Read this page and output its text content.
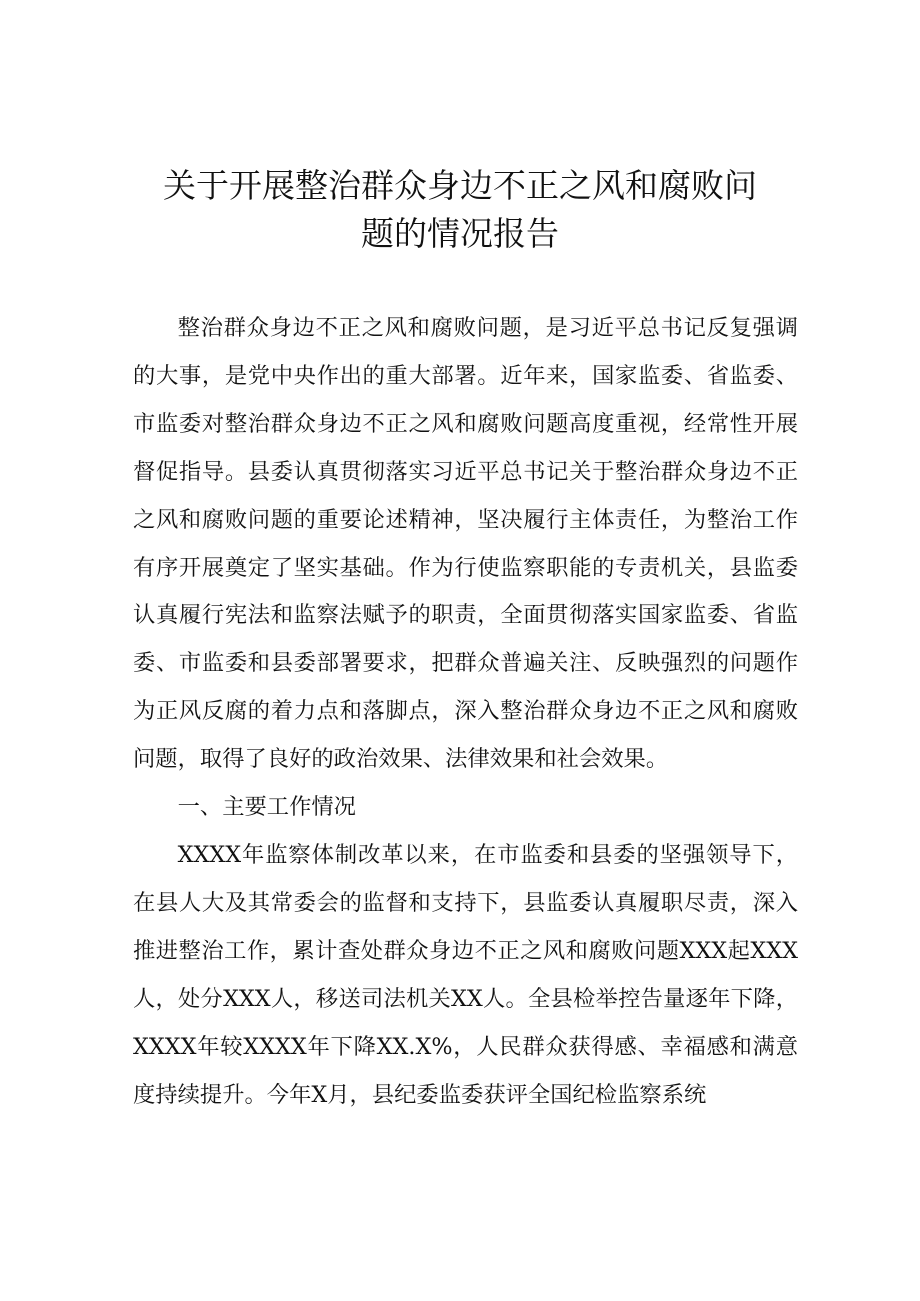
关于开展整治群众身边不正之风和腐败问
题的情况报告

整治群众身边不正之风和腐败问题，是习近平总书记反复强调的大事，是党中央作出的重大部署。近年来，国家监委、省监委、市监委对整治群众身边不正之风和腐败问题高度重视，经常性开展督促指导。县委认真贯彻落实习近平总书记关于整治群众身边不正之风和腐败问题的重要论述精神，坚决履行主体责任，为整治工作有序开展奠定了坚实基础。作为行使监察职能的专责机关，县监委认真履行宪法和监察法赋予的职责，全面贯彻落实国家监委、省监委、市监委和县委部署要求，把群众普遍关注、反映强烈的问题作为正风反腐的着力点和落脚点，深入整治群众身边不正之风和腐败问题，取得了良好的政治效果、法律效果和社会效果。

一、主要工作情况

XXXX年监察体制改革以来，在市监委和县委的坚强领导下，在县人大及其常委会的监督和支持下，县监委认真履职尽责，深入推进整治工作，累计查处群众身边不正之风和腐败问题XXX起XXX人，处分XXX人，移送司法机关XX人。全县检举控告量逐年下降，XXXX年较XXXX年下降XX.X%，人民群众获得感、幸福感和满意度持续提升。今年X月，县纪委监委获评全国纪检监察系统
